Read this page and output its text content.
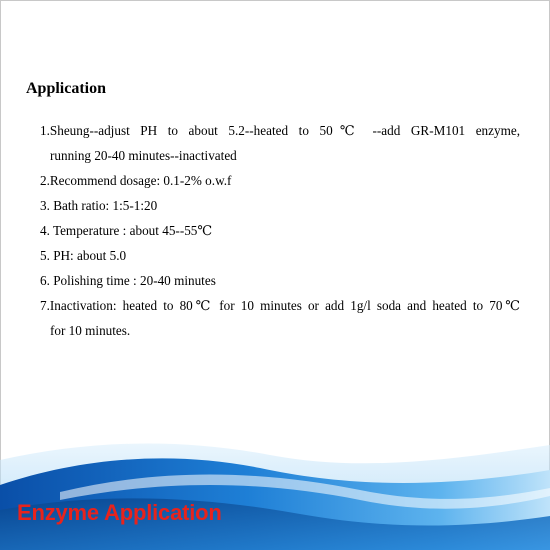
Application
1.Sheung--adjust PH to about 5.2--heated to 50℃ --add GR-M101 enzyme,
running 20-40 minutes--inactivated
2.Recommend dosage: 0.1-2% o.w.f
3. Bath ratio: 1:5-1:20
4. Temperature : about 45--55℃
5. PH: about 5.0
6. Polishing time : 20-40 minutes
7.Inactivation: heated to 80℃ for 10 minutes or add 1g/l soda and heated to 70℃
for 10 minutes.

Enzyme Application
